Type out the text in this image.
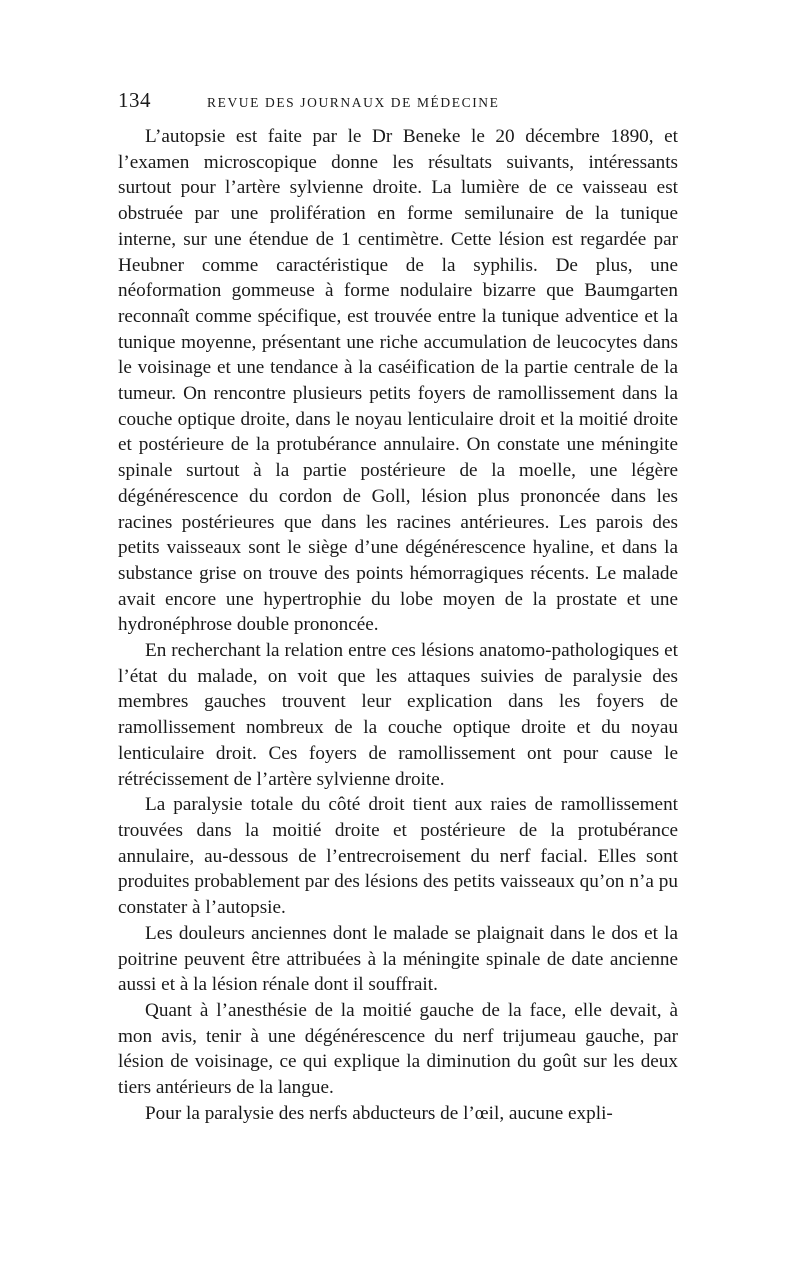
134	REVUE DES JOURNAUX DE MÉDECINE

L’autopsie est faite par le Dr Beneke le 20 décembre 1890, et l’examen microscopique donne les résultats suivants, intéressants surtout pour l’artère sylvienne droite. La lumière de ce vaisseau est obstruée par une prolifération en forme semilunaire de la tunique interne, sur une étendue de 1 centimètre. Cette lésion est regardée par Heubner comme caractéristique de la syphilis. De plus, une néoformation gommeuse à forme nodulaire bizarre que Baumgarten reconnaît comme spécifique, est trouvée entre la tunique adventice et la tunique moyenne, présentant une riche accumulation de leucocytes dans le voisinage et une tendance à la caséification de la partie centrale de la tumeur. On rencontre plusieurs petits foyers de ramollissement dans la couche optique droite, dans le noyau lenticulaire droit et la moitié droite et postérieure de la protubérance annulaire. On constate une méningite spinale surtout à la partie postérieure de la moelle, une légère dégénérescence du cordon de Goll, lésion plus prononcée dans les racines postérieures que dans les racines antérieures. Les parois des petits vaisseaux sont le siège d’une dégénérescence hyaline, et dans la substance grise on trouve des points hémorragiques récents. Le malade avait encore une hypertrophie du lobe moyen de la prostate et une hydronéphrose double prononcée.

En recherchant la relation entre ces lésions anatomo-pathologiques et l’état du malade, on voit que les attaques suivies de paralysie des membres gauches trouvent leur explication dans les foyers de ramollissement nombreux de la couche optique droite et du noyau lenticulaire droit. Ces foyers de ramollissement ont pour cause le rétrécissement de l’artère sylvienne droite.

La paralysie totale du côté droit tient aux raies de ramollissement trouvées dans la moitié droite et postérieure de la protubérance annulaire, au-dessous de l’entrecroisement du nerf facial. Elles sont produites probablement par des lésions des petits vaisseaux qu’on n’a pu constater à l’autopsie.

Les douleurs anciennes dont le malade se plaignait dans le dos et la poitrine peuvent être attribuées à la méningite spinale de date ancienne aussi et à la lésion rénale dont il souffrait.

Quant à l’anesthésie de la moitié gauche de la face, elle devait, à mon avis, tenir à une dégénérescence du nerf trijumeau gauche, par lésion de voisinage, ce qui explique la diminution du goût sur les deux tiers antérieurs de la langue.

Pour la paralysie des nerfs abducteurs de l’œil, aucune expli-
